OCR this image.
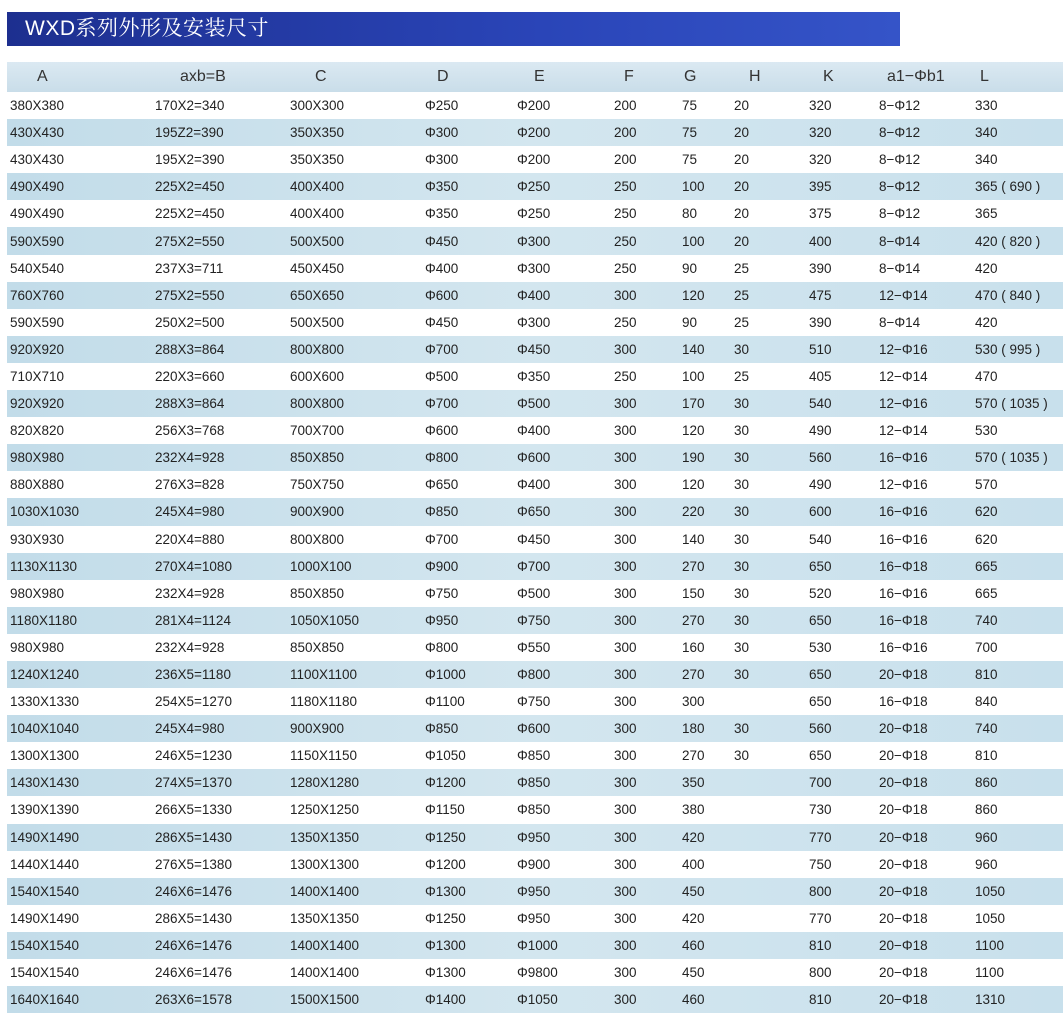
WXD系列外形及安装尺寸
A	axb=B	C	D	E	F	G	H	K	a1−Φb1	L
380X380	170X2=340	300X300	Φ250	Φ200	200	75	20	320	8−Φ12	330
430X430	195Z2=390	350X350	Φ300	Φ200	200	75	20	320	8−Φ12	340
430X430	195X2=390	350X350	Φ300	Φ200	200	75	20	320	8−Φ12	340
490X490	225X2=450	400X400	Φ350	Φ250	250	100	20	395	8−Φ12	365 ( 690 )
490X490	225X2=450	400X400	Φ350	Φ250	250	80	20	375	8−Φ12	365
590X590	275X2=550	500X500	Φ450	Φ300	250	100	20	400	8−Φ14	420 ( 820 )
540X540	237X3=711	450X450	Φ400	Φ300	250	90	25	390	8−Φ14	420
760X760	275X2=550	650X650	Φ600	Φ400	300	120	25	475	12−Φ14	470 ( 840 )
590X590	250X2=500	500X500	Φ450	Φ300	250	90	25	390	8−Φ14	420
920X920	288X3=864	800X800	Φ700	Φ450	300	140	30	510	12−Φ16	530 ( 995 )
710X710	220X3=660	600X600	Φ500	Φ350	250	100	25	405	12−Φ14	470
920X920	288X3=864	800X800	Φ700	Φ500	300	170	30	540	12−Φ16	570 ( 1035 )
820X820	256X3=768	700X700	Φ600	Φ400	300	120	30	490	12−Φ14	530
980X980	232X4=928	850X850	Φ800	Φ600	300	190	30	560	16−Φ16	570 ( 1035 )
880X880	276X3=828	750X750	Φ650	Φ400	300	120	30	490	12−Φ16	570
1030X1030	245X4=980	900X900	Φ850	Φ650	300	220	30	600	16−Φ16	620
930X930	220X4=880	800X800	Φ700	Φ450	300	140	30	540	16−Φ16	620
1130X1130	270X4=1080	1000X100	Φ900	Φ700	300	270	30	650	16−Φ18	665
980X980	232X4=928	850X850	Φ750	Φ500	300	150	30	520	16−Φ16	665
1180X1180	281X4=1124	1050X1050	Φ950	Φ750	300	270	30	650	16−Φ18	740
980X980	232X4=928	850X850	Φ800	Φ550	300	160	30	530	16−Φ16	700
1240X1240	236X5=1180	1100X1100	Φ1000	Φ800	300	270	30	650	20−Φ18	810
1330X1330	254X5=1270	1180X1180	Φ1100	Φ750	300	300		650	16−Φ18	840
1040X1040	245X4=980	900X900	Φ850	Φ600	300	180	30	560	20−Φ18	740
1300X1300	246X5=1230	1150X1150	Φ1050	Φ850	300	270	30	650	20−Φ18	810
1430X1430	274X5=1370	1280X1280	Φ1200	Φ850	300	350		700	20−Φ18	860
1390X1390	266X5=1330	1250X1250	Φ1150	Φ850	300	380		730	20−Φ18	860
1490X1490	286X5=1430	1350X1350	Φ1250	Φ950	300	420		770	20−Φ18	960
1440X1440	276X5=1380	1300X1300	Φ1200	Φ900	300	400		750	20−Φ18	960
1540X1540	246X6=1476	1400X1400	Φ1300	Φ950	300	450		800	20−Φ18	1050
1490X1490	286X5=1430	1350X1350	Φ1250	Φ950	300	420		770	20−Φ18	1050
1540X1540	246X6=1476	1400X1400	Φ1300	Φ1000	300	460		810	20−Φ18	1100
1540X1540	246X6=1476	1400X1400	Φ1300	Φ9800	300	450		800	20−Φ18	1100
1640X1640	263X6=1578	1500X1500	Φ1400	Φ1050	300	460		810	20−Φ18	1310
